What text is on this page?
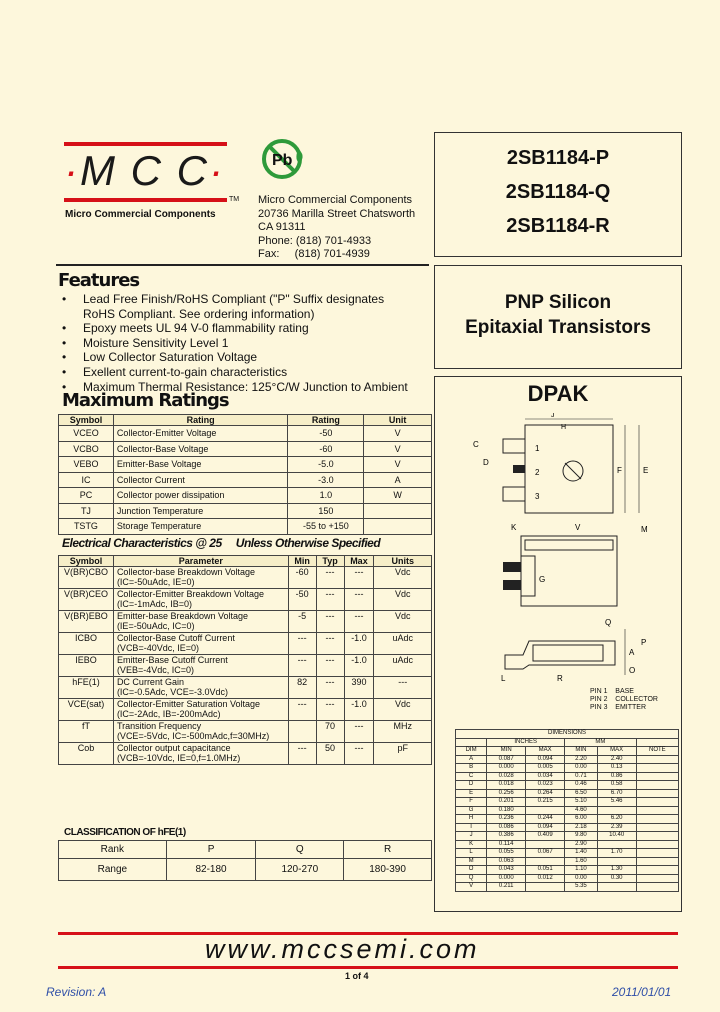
·M C C·
TM
Micro Commercial Components
Pb
Micro Commercial Components
20736 Marilla Street Chatsworth
CA 91311
Phone: (818) 701-4933
Fax:     (818) 701-4939
2SB1184-P
2SB1184-Q
2SB1184-R
PNP Silicon
Epitaxial Transistors
DPAK
J
H
C	1
2
3
F	E
D
K	V
G
M
Q
A
L	R
O
P
PIN 1    BASE
PIN 2    COLLECTOR
PIN 3    EMITTER
DIMENSIONS					
	INCHES		MM		
DIM	MIN	MAX	MIN	MAX	NOTE
A	0.087	0.094	2.20	2.40	
B	0.000	0.005	0.00	0.13	
C	0.028	0.034	0.71	0.86	
D	0.018	0.023	0.46	0.58	
E	0.256	0.264	6.50	6.70	
F	0.201	0.215	5.10	5.46	
G	0.180		4.60		
H	0.236	0.244	6.00	6.20	
I	0.086	0.094	2.18	2.39	
J	0.386	0.409	9.80	10.40	
K	0.114		2.90		
L	0.055	0.067	1.40	1.70	
M	0.063		1.60		
O	0.043	0.051	1.10	1.30	
Q	0.000	0.012	0.00	0.30	
V	0.211		5.35		
Features
• Lead Free Finish/RoHS Compliant ("P" Suffix designates
RoHS Compliant. See ordering information)
• Epoxy meets UL 94 V-0 flammability rating
• Moisture Sensitivity Level 1
• Low Collector Saturation Voltage
• Exellent current-to-gain characteristics
• Maximum Thermal Resistance: 125°C/W Junction to Ambient
Maximum Ratings
Symbol	Rating	Rating	Unit
VCEO	Collector-Emitter Voltage	-50	V
VCBO	Collector-Base Voltage	-60	V
VEBO	Emitter-Base Voltage	-5.0	V
IC	Collector Current	-3.0	A
PC	Collector power dissipation	1.0	W
TJ	Junction Temperature	150	
TSTG	Storage Temperature	-55 to +150	
Electrical Characteristics @ 25     Unless Otherwise Specified
Symbol	Parameter	Min	Typ	Max	Units
V(BR)CBO	Collector-base Breakdown Voltage
(IC=-50uAdc, IE=0)	-60	---	---	Vdc
V(BR)CEO	Collector-Emitter Breakdown Voltage
(IC=-1mAdc, IB=0)	-50	---	---	Vdc
V(BR)EBO	Emitter-base Breakdown Voltage
(IE=-50uAdc, IC=0)	-5	---	---	Vdc
ICBO	Collector-Base Cutoff Current
(VCB=-40Vdc, IE=0)	---	---	-1.0	uAdc
IEBO	Emitter-Base Cutoff Current
(VEB=-4Vdc, IC=0)	---	---	-1.0	uAdc
hFE(1)	DC Current Gain
(IC=-0.5Adc, VCE=-3.0Vdc)	82	---	390	---
VCE(sat)	Collector-Emitter Saturation Voltage
(IC=-2Adc, IB=-200mAdc)	---	---	-1.0	Vdc
fT	Transition Frequency
(VCE=-5Vdc, IC=-500mAdc,f=30MHz)		70	---	MHz
Cob	Collector output capacitance
(VCB=-10Vdc, IE=0,f=1.0MHz)	---	50	---	pF
CLASSIFICATION OF hFE(1)
Rank	P	Q	R
Range	82-180	120-270	180-390
www.mccsemi.com
1 of 4
Revision: A	2011/01/01
